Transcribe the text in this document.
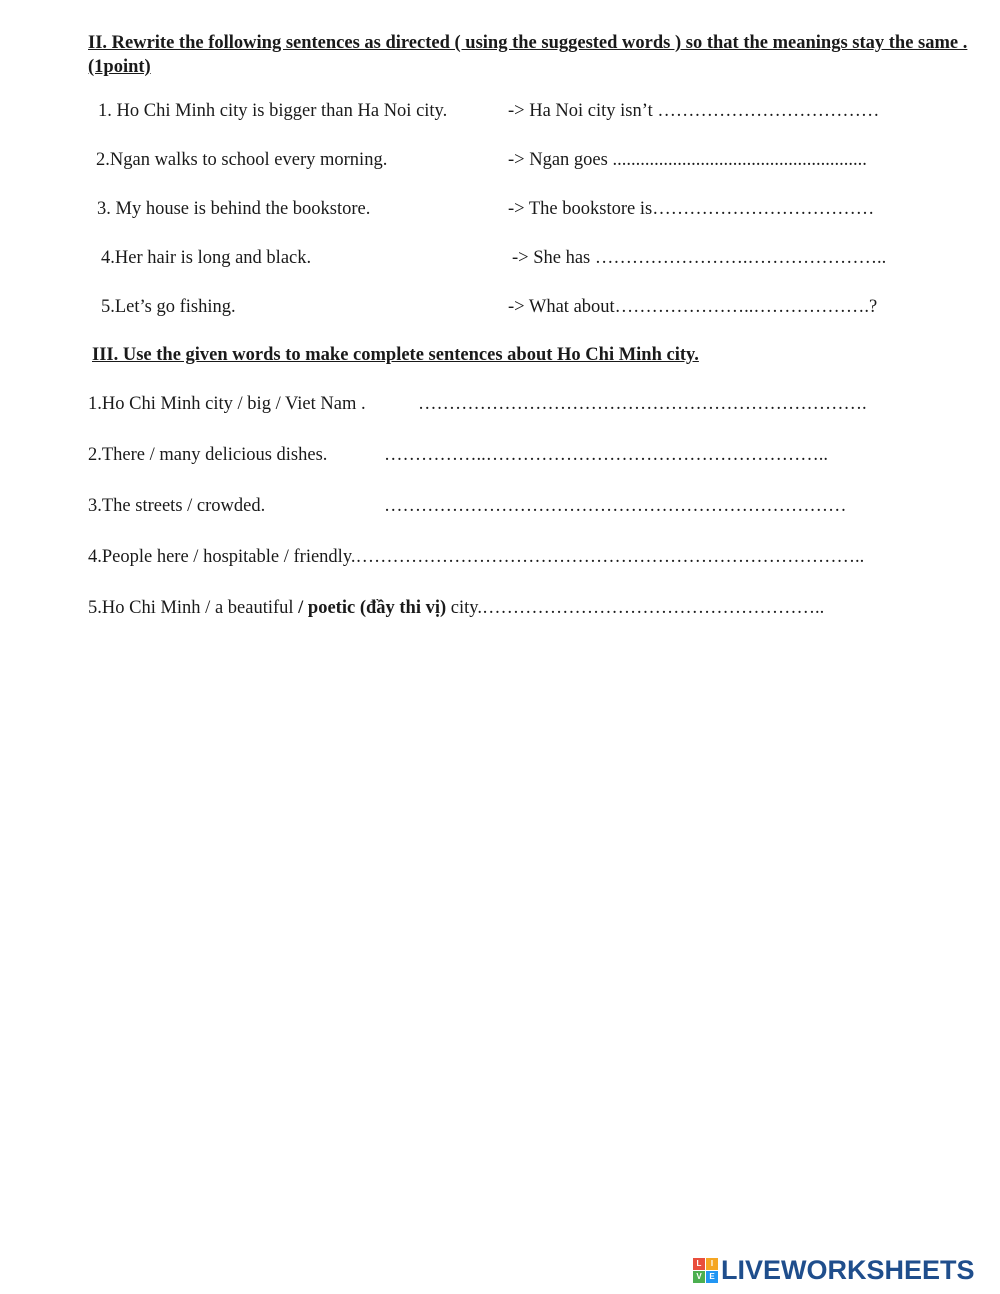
II. Rewrite the following sentences as directed ( using the suggested words ) so that the meanings stay the same .(1point)
1. Ho Chi Minh city is bigger than Ha Noi city.	-> Ha Noi city isn’t ………………………………
2.Ngan walks to school every morning.	-> Ngan goes .......................................................
3. My house is behind the bookstore.	-> The bookstore is………………………………
4.Her hair is long and black.	-> She has …………………….…………………..
5.Let’s go fishing.	-> What about…………………..……………….?
III. Use the given words to make complete sentences about Ho Chi Minh city.
1.Ho Chi Minh city / big / Viet Nam .	……………………………………………………………….
2.There / many delicious dishes.	……………..………………………………………………..
3.The streets / crowded.	…………………………………………………………………
4.People here / hospitable / friendly.………………………………………………………………………..
5.Ho Chi Minh / a beautiful / poetic (đầy thi vị) city.………………………………………………..
L	I
V E LIVEWORKSHEETS
